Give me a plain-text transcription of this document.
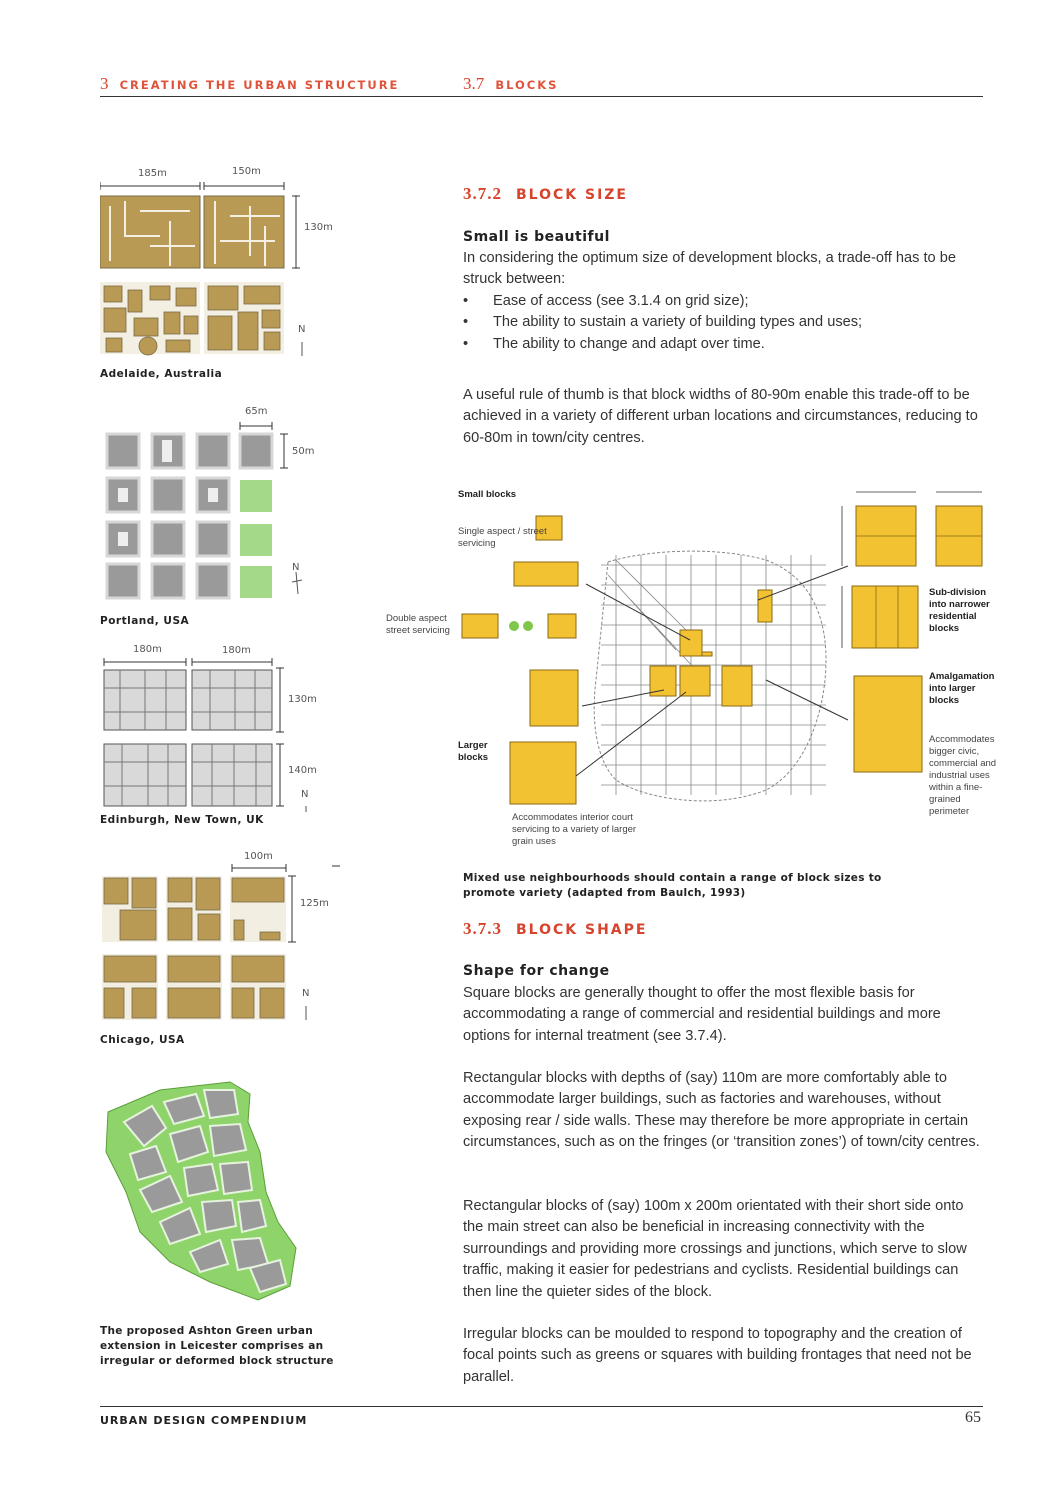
3 CREATING THE URBAN STRUCTURE	3.7 BLOCKS
185m	150m
130m
N
Adelaide, Australia
65m
50m
N
Portland, USA
180m	180m
130m
140m
N
Edinburgh, New Town, UK
100m
125m
N
Chicago, USA
The proposed Ashton Green urban extension in Leicester comprises an irregular or deformed block structure
3.7.2 BLOCK SIZE
Small is beautiful
In considering the optimum size of development blocks, a trade-off has to be struck between:
• Ease of access (see 3.1.4 on grid size);
• The ability to sustain a variety of building types and uses;
• The ability to change and adapt over time.
A useful rule of thumb is that block widths of 80-90m enable this trade-off to be achieved in a variety of different urban locations and circumstances, reducing to 60-80m in town/city centres.
Small blocks
Single aspect / street servicing
Double aspect street servicing
Larger blocks
Accommodates interior court servicing to a variety of larger grain uses
Sub-division into narrower residential blocks
Amalgamation into larger blocks
Accommodates bigger civic, commercial and industrial uses within a fine-grained perimeter
Mixed use neighbourhoods should contain a range of block sizes to promote variety (adapted from Baulch, 1993)
3.7.3 BLOCK SHAPE
Shape for change
Square blocks are generally thought to offer the most flexible basis for accommodating a range of commercial and residential buildings and more options for internal treatment (see 3.7.4).
Rectangular blocks with depths of (say) 110m are more comfortably able to accommodate larger buildings, such as factories and warehouses, without exposing rear / side walls. These may therefore be more appropriate in certain circumstances, such as on the fringes (or ‘transition zones’) of town/city centres.
Rectangular blocks of (say) 100m x 200m orientated with their short side onto the main street can also be beneficial in increasing connectivity with the surroundings and providing more crossings and junctions, which serve to slow traffic, making it easier for pedestrians and cyclists. Residential buildings can then line the quieter sides of the block.
Irregular blocks can be moulded to respond to topography and the creation of focal points such as greens or squares with building frontages that need not be parallel.
URBAN DESIGN COMPENDIUM	65
